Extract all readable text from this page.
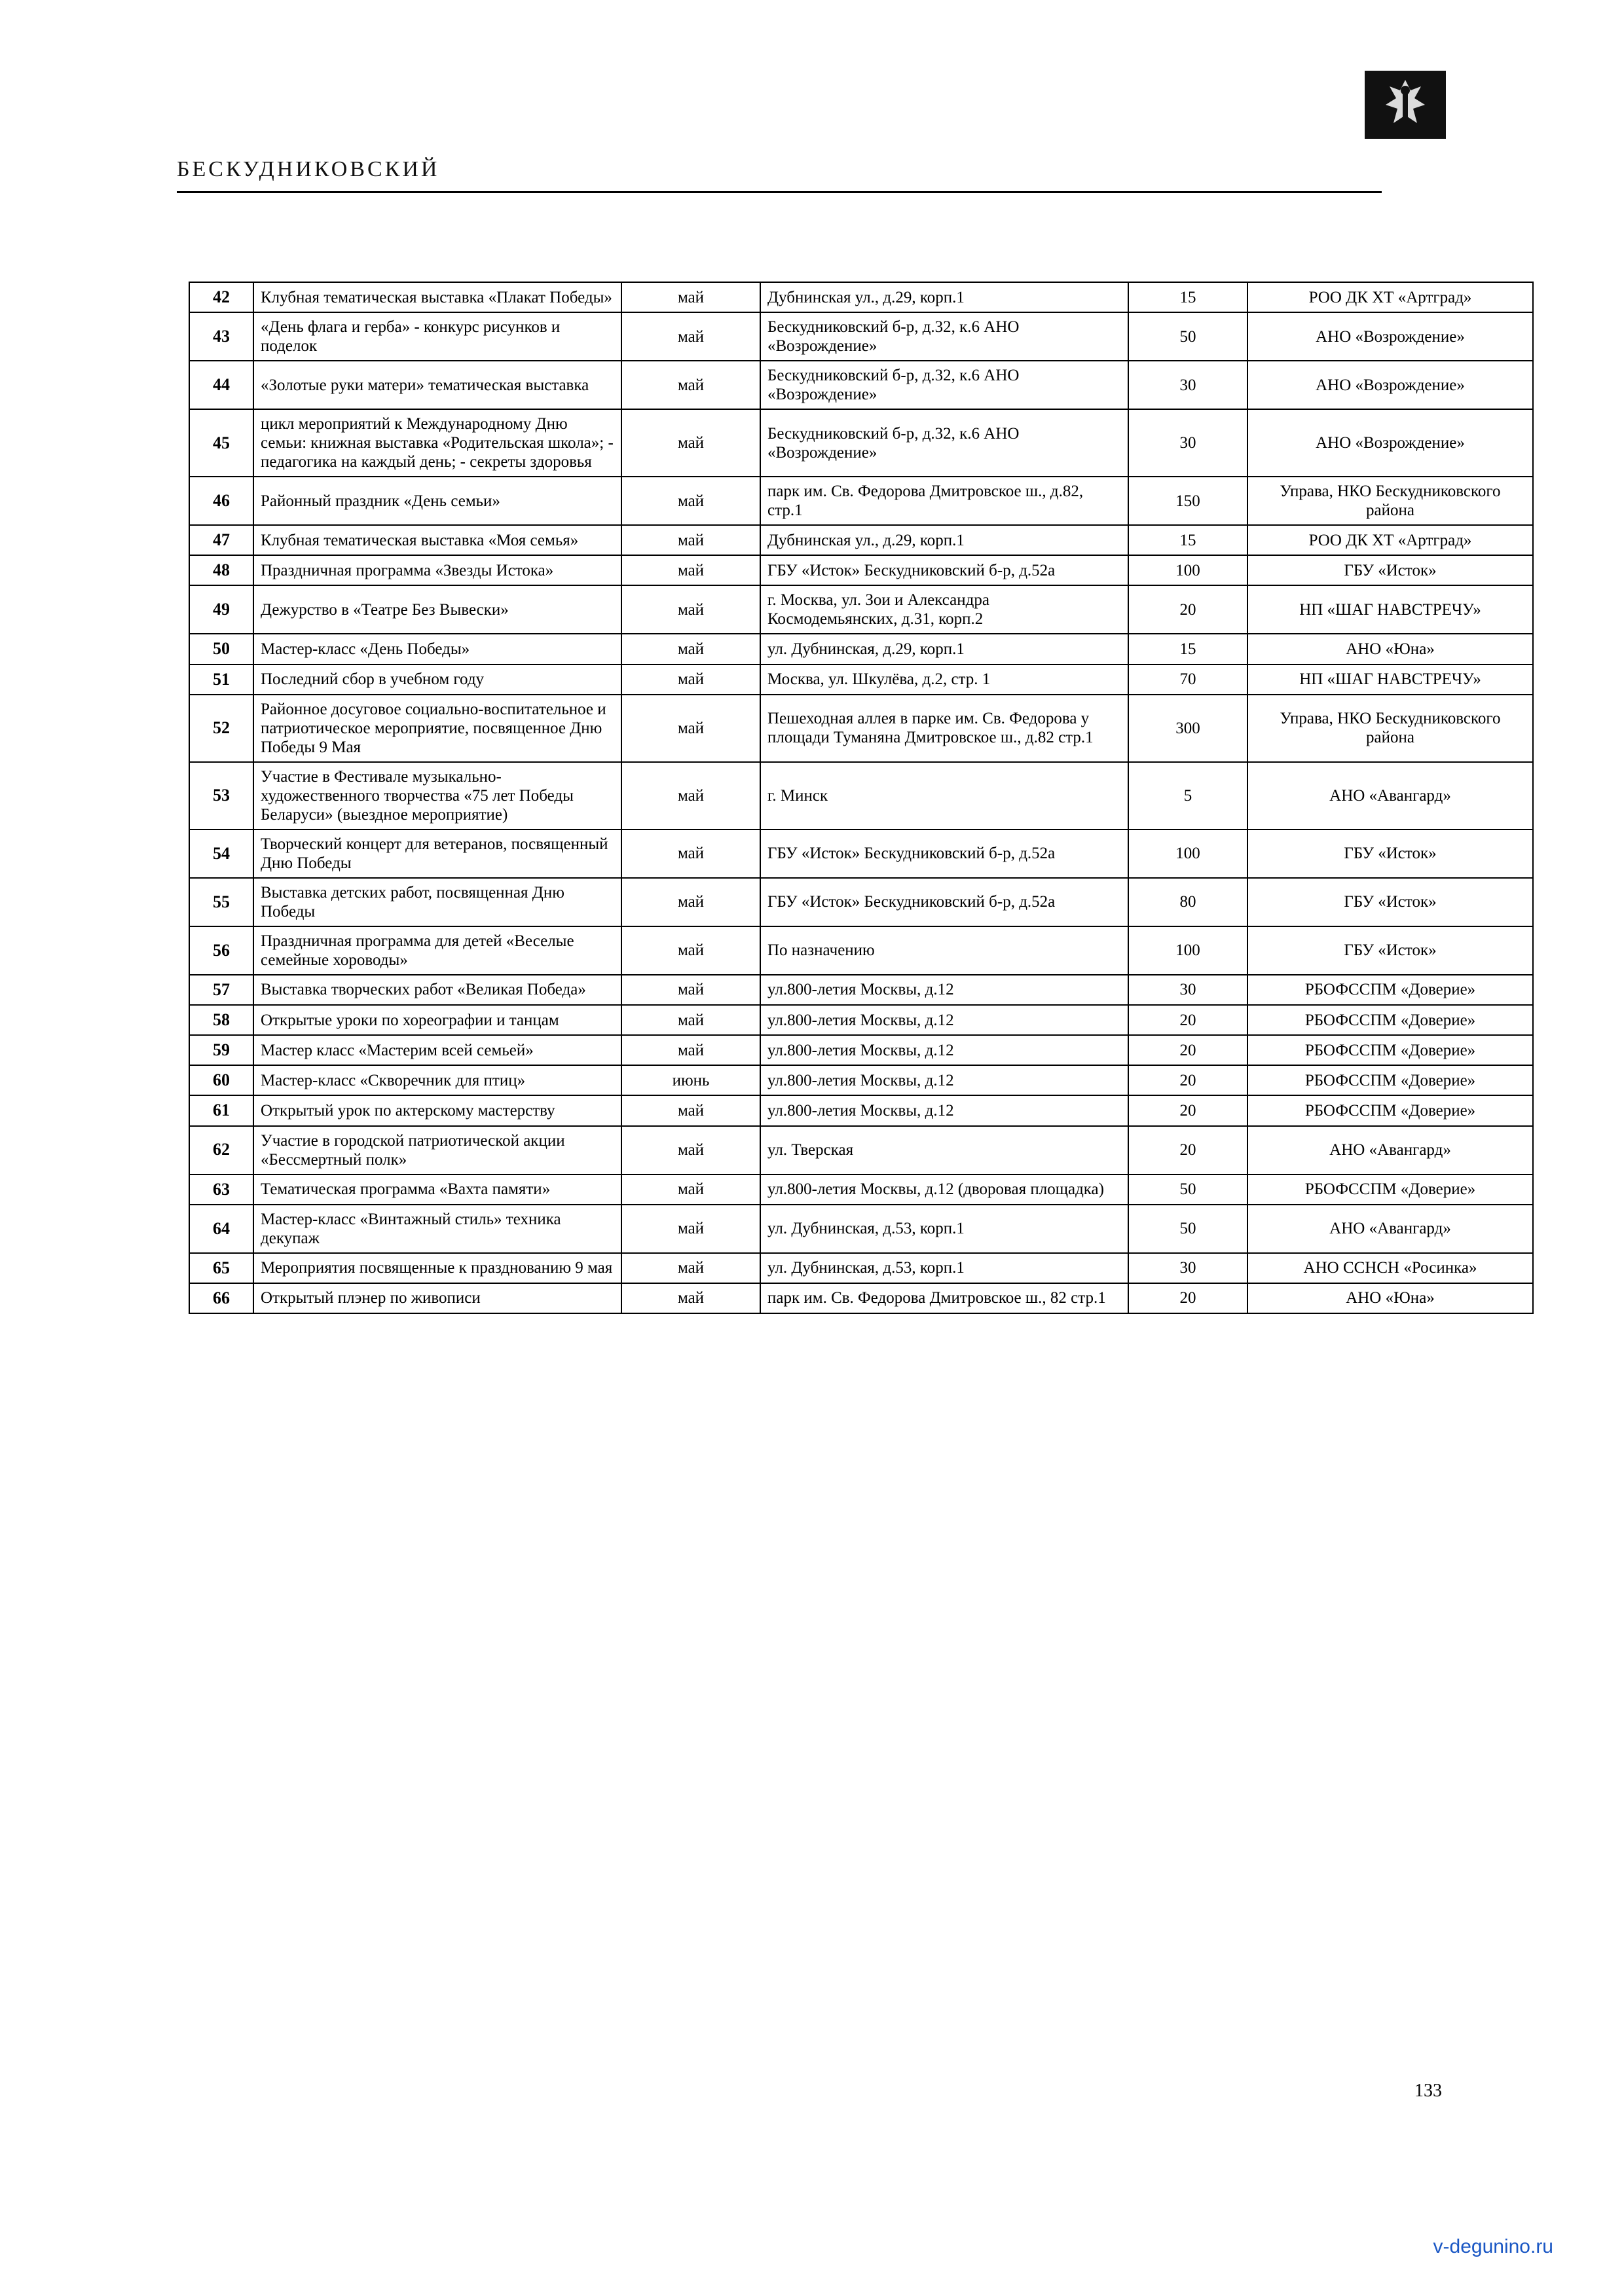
БЕСКУДНИКОВСКИЙ
42	Клубная тематическая выставка «Плакат Победы»	май	Дубнинская ул., д.29, корп.1	15	РОО ДК ХТ «Артград»
43	«День флага и герба» - конкурс рисунков и поделок	май	Бескудниковский б-р, д.32, к.6 АНО «Возрождение»	50	АНО «Возрождение»
44	«Золотые руки матери» тематическая выставка	май	Бескудниковский б-р, д.32, к.6 АНО «Возрождение»	30	АНО «Возрождение»
45	цикл мероприятий к Международному Дню семьи: книжная выставка «Родительская школа»; - педагогика на каждый день; - секреты здоровья	май	Бескудниковский б-р, д.32, к.6 АНО «Возрождение»	30	АНО «Возрождение»
46	Районный праздник «День семьи»	май	парк им. Св. Федорова Дмитровское ш., д.82, стр.1	150	Управа, НКО Бескудниковского района
47	Клубная тематическая выставка «Моя семья»	май	Дубнинская ул., д.29, корп.1	15	РОО ДК ХТ «Артград»
48	Праздничная программа «Звезды Истока»	май	ГБУ «Исток» Бескудниковский б-р, д.52а	100	ГБУ «Исток»
49	Дежурство в «Театре Без Вывески»	май	г. Москва, ул. Зои и Александра Космодемьянских, д.31, корп.2	20	НП «ШАГ НАВСТРЕЧУ»
50	Мастер-класс «День Победы»	май	ул. Дубнинская, д.29, корп.1	15	АНО «Юна»
51	Последний сбор в учебном году	май	Москва, ул. Шкулёва, д.2, стр. 1	70	НП «ШАГ НАВСТРЕЧУ»
52	Районное досуговое социально-воспитательное и патриотическое мероприятие, посвященное Дню Победы 9 Мая	май	Пешеходная аллея в парке им. Св. Федорова у площади Туманяна Дмитровское ш., д.82 стр.1	300	Управа, НКО Бескудниковского района
53	Участие в Фестивале музыкально-художественного творчества «75 лет Победы Беларуси» (выездное мероприятие)	май	г. Минск	5	АНО «Авангард»
54	Творческий концерт для ветеранов, посвященный Дню Победы	май	ГБУ «Исток» Бескудниковский б-р, д.52а	100	ГБУ «Исток»
55	Выставка детских работ, посвященная Дню Победы	май	ГБУ «Исток» Бескудниковский б-р, д.52а	80	ГБУ «Исток»
56	Праздничная программа для детей «Веселые семейные хороводы»	май	По назначению	100	ГБУ «Исток»
57	Выставка творческих работ «Великая Победа»	май	ул.800-летия Москвы, д.12	30	РБОФССПМ «Доверие»
58	Открытые уроки по хореографии и танцам	май	ул.800-летия Москвы, д.12	20	РБОФССПМ «Доверие»
59	Мастер класс «Мастерим всей семьей»	май	ул.800-летия Москвы, д.12	20	РБОФССПМ «Доверие»
60	Мастер-класс «Скворечник для птиц»	июнь	ул.800-летия Москвы, д.12	20	РБОФССПМ «Доверие»
61	Открытый урок по актерскому мастерству	май	ул.800-летия Москвы, д.12	20	РБОФССПМ «Доверие»
62	Участие в городской патриотической акции «Бессмертный полк»	май	ул. Тверская	20	АНО «Авангард»
63	Тематическая программа «Вахта памяти»	май	ул.800-летия Москвы, д.12 (дворовая площадка)	50	РБОФССПМ «Доверие»
64	Мастер-класс «Винтажный стиль» техника декупаж	май	ул. Дубнинская, д.53, корп.1	50	АНО «Авангард»
65	Мероприятия посвященные к празднованию 9 мая	май	ул. Дубнинская, д.53, корп.1	30	АНО ССНСН «Росинка»
66	Открытый плэнер по живописи	май	парк им. Св. Федорова Дмитровское ш., 82 стр.1	20	АНО «Юна»
133
v-degunino.ru
